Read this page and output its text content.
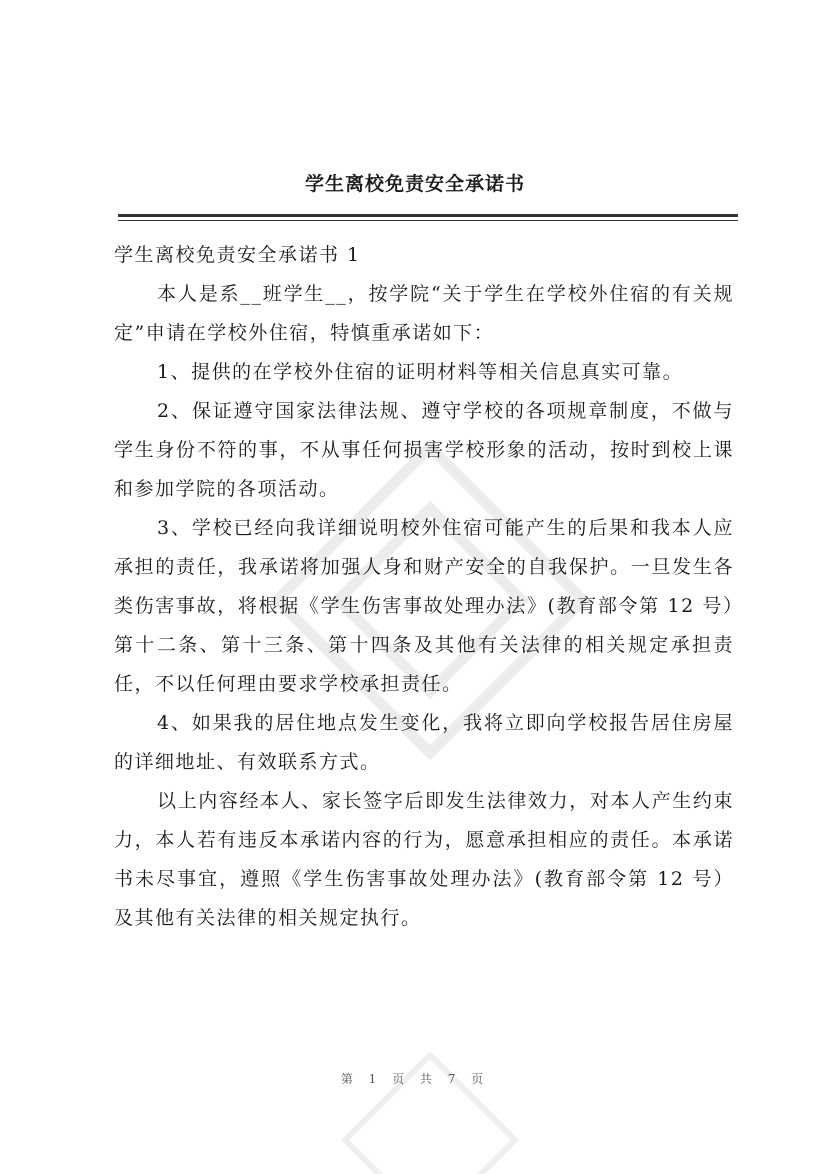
学生离校免责安全承诺书

学生离校免责安全承诺书 1

本人是系__班学生__，按学院“关于学生在学校外住宿的有关规定”申请在学校外住宿，特慎重承诺如下：

1、提供的在学校外住宿的证明材料等相关信息真实可靠。

2、保证遵守国家法律法规、遵守学校的各项规章制度，不做与学生身份不符的事，不从事任何损害学校形象的活动，按时到校上课和参加学院的各项活动。

3、学校已经向我详细说明校外住宿可能产生的后果和我本人应承担的责任，我承诺将加强人身和财产安全的自我保护。一旦发生各类伤害事故，将根据《学生伤害事故处理办法》(教育部令第 12 号）第十二条、第十三条、第十四条及其他有关法律的相关规定承担责任，不以任何理由要求学校承担责任。

4、如果我的居住地点发生变化，我将立即向学校报告居住房屋的详细地址、有效联系方式。

以上内容经本人、家长签字后即发生法律效力，对本人产生约束力，本人若有违反本承诺内容的行为，愿意承担相应的责任。本承诺书未尽事宜，遵照《学生伤害事故处理办法》(教育部令第 12 号）及其他有关法律的相关规定执行。

第 1 页 共 7 页
